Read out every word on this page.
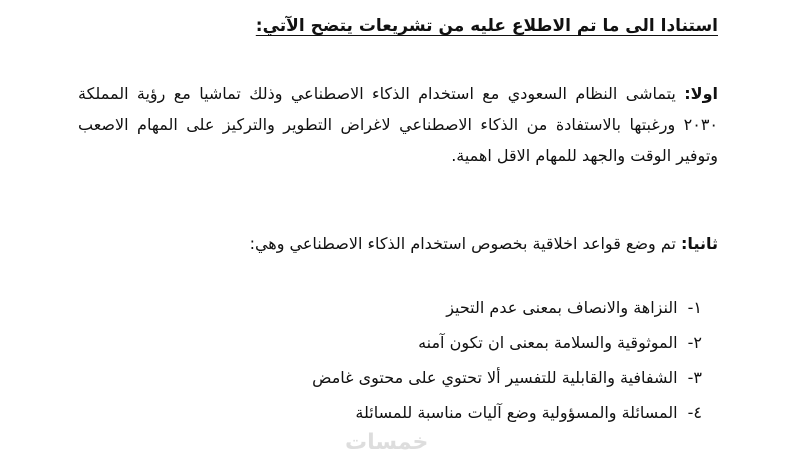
استنادا الى ما تم الاطلاع عليه من تشريعات يتضح الآتي:

اولا: يتماشى النظام السعودي مع استخدام الذكاء الاصطناعي وذلك تماشيا مع رؤية المملكة ٢٠٣٠ ورغبتها بالاستفادة من الذكاء الاصطناعي لاغراض التطوير والتركيز على المهام الاصعب وتوفير الوقت والجهد للمهام الاقل اهمية.

ثانيا: تم وضع قواعد اخلاقية بخصوص استخدام الذكاء الاصطناعي وهي:

١-النزاهة والانصاف بمعنى عدم التحيز
٢-الموثوقية والسلامة بمعنى ان تكون آمنه
٣-الشفافية والقابلية للتفسير ألا تحتوي على محتوى غامض
٤-المسائلة والمسؤولية وضع آليات مناسبة للمسائلة
خمسات
